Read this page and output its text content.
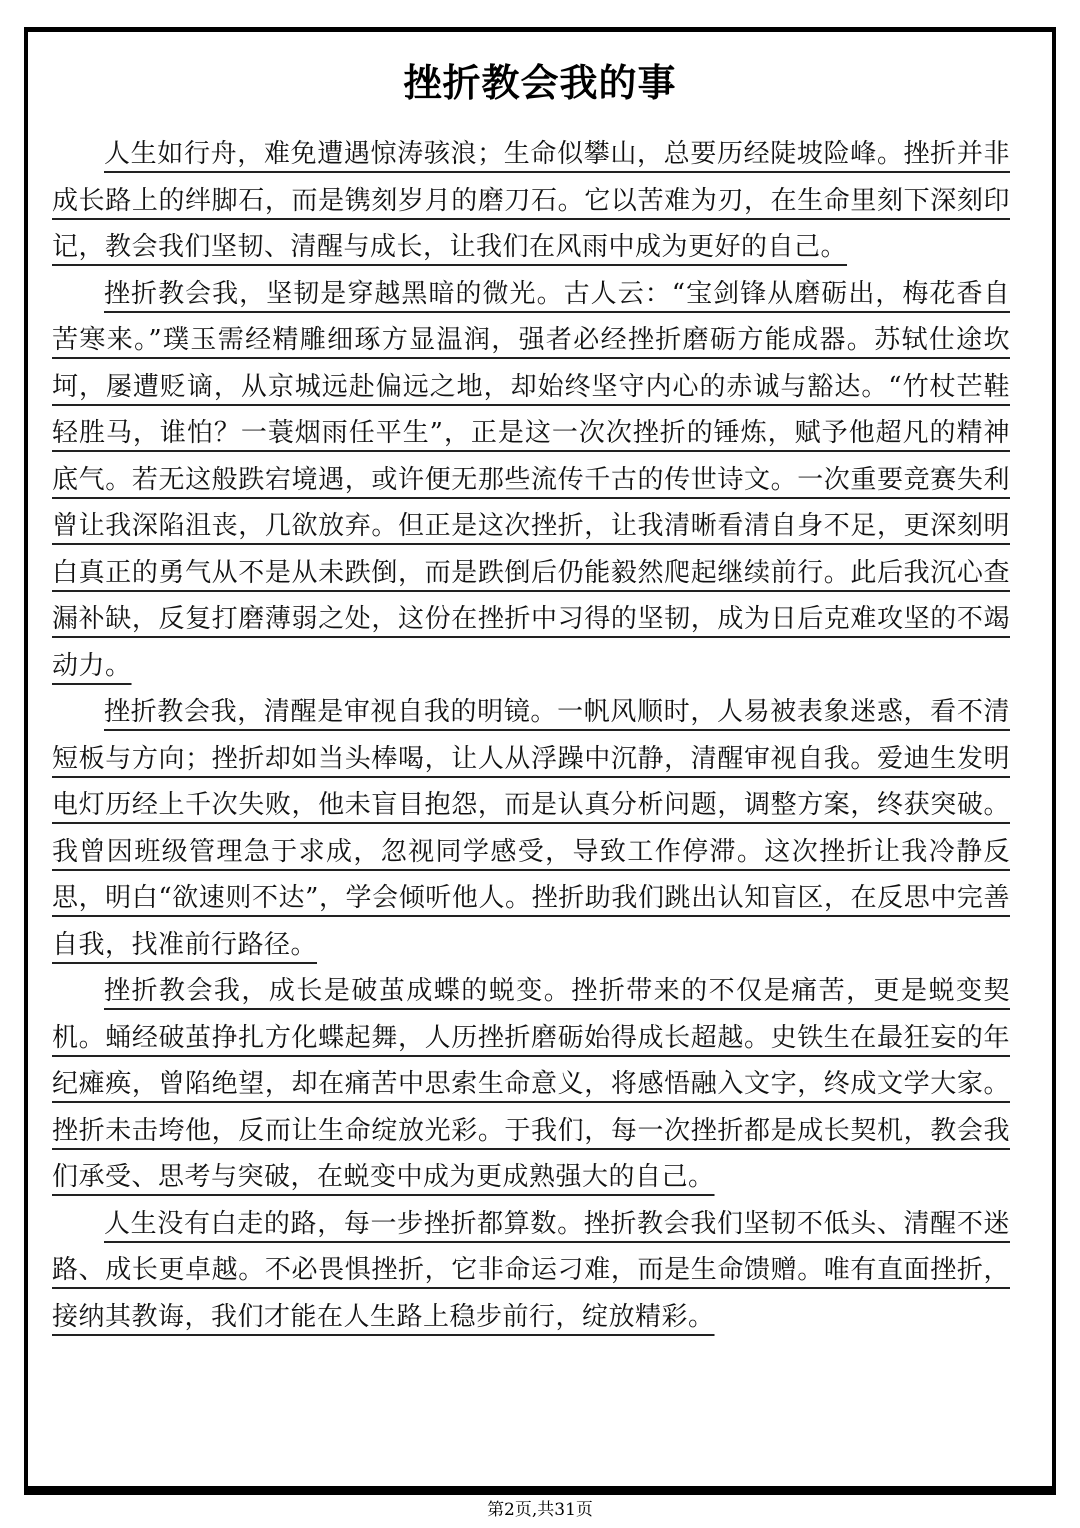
挫折教会我的事

人生如行舟，难免遭遇惊涛骇浪；生命似攀山，总要历经陡坡险峰。挫折并非成长路上的绊脚石，而是镌刻岁月的磨刀石。它以苦难为刃，在生命里刻下深刻印记，教会我们坚韧、清醒与成长，让我们在风雨中成为更好的自己。

挫折教会我，坚韧是穿越黑暗的微光。古人云：“宝剑锋从磨砺出，梅花香自苦寒来。”璞玉需经精雕细琢方显温润，强者必经挫折磨砺方能成器。苏轼仕途坎坷，屡遭贬谪，从京城远赴偏远之地，却始终坚守内心的赤诚与豁达。“竹杖芒鞋轻胜马，谁怕？一蓑烟雨任平生”，正是这一次次挫折的锤炼，赋予他超凡的精神底气。若无这般跌宕境遇，或许便无那些流传千古的传世诗文。一次重要竞赛失利曾让我深陷沮丧，几欲放弃。但正是这次挫折，让我清晰看清自身不足，更深刻明白真正的勇气从不是从未跌倒，而是跌倒后仍能毅然爬起继续前行。此后我沉心查漏补缺，反复打磨薄弱之处，这份在挫折中习得的坚韧，成为日后克难攻坚的不竭动力。

挫折教会我，清醒是审视自我的明镜。一帆风顺时，人易被表象迷惑，看不清短板与方向；挫折却如当头棒喝，让人从浮躁中沉静，清醒审视自我。爱迪生发明电灯历经上千次失败，他未盲目抱怨，而是认真分析问题，调整方案，终获突破。我曾因班级管理急于求成，忽视同学感受，导致工作停滞。这次挫折让我冷静反思，明白“欲速则不达”，学会倾听他人。挫折助我们跳出认知盲区，在反思中完善自我，找准前行路径。

挫折教会我，成长是破茧成蝶的蜕变。挫折带来的不仅是痛苦，更是蜕变契机。蛹经破茧挣扎方化蝶起舞，人历挫折磨砺始得成长超越。史铁生在最狂妄的年纪瘫痪，曾陷绝望，却在痛苦中思索生命意义，将感悟融入文字，终成文学大家。挫折未击垮他，反而让生命绽放光彩。于我们，每一次挫折都是成长契机，教会我们承受、思考与突破，在蜕变中成为更成熟强大的自己。

人生没有白走的路，每一步挫折都算数。挫折教会我们坚韧不低头、清醒不迷路、成长更卓越。不必畏惧挫折，它非命运刁难，而是生命馈赠。唯有直面挫折，接纳其教诲，我们才能在人生路上稳步前行，绽放精彩。

第2页,共31页
